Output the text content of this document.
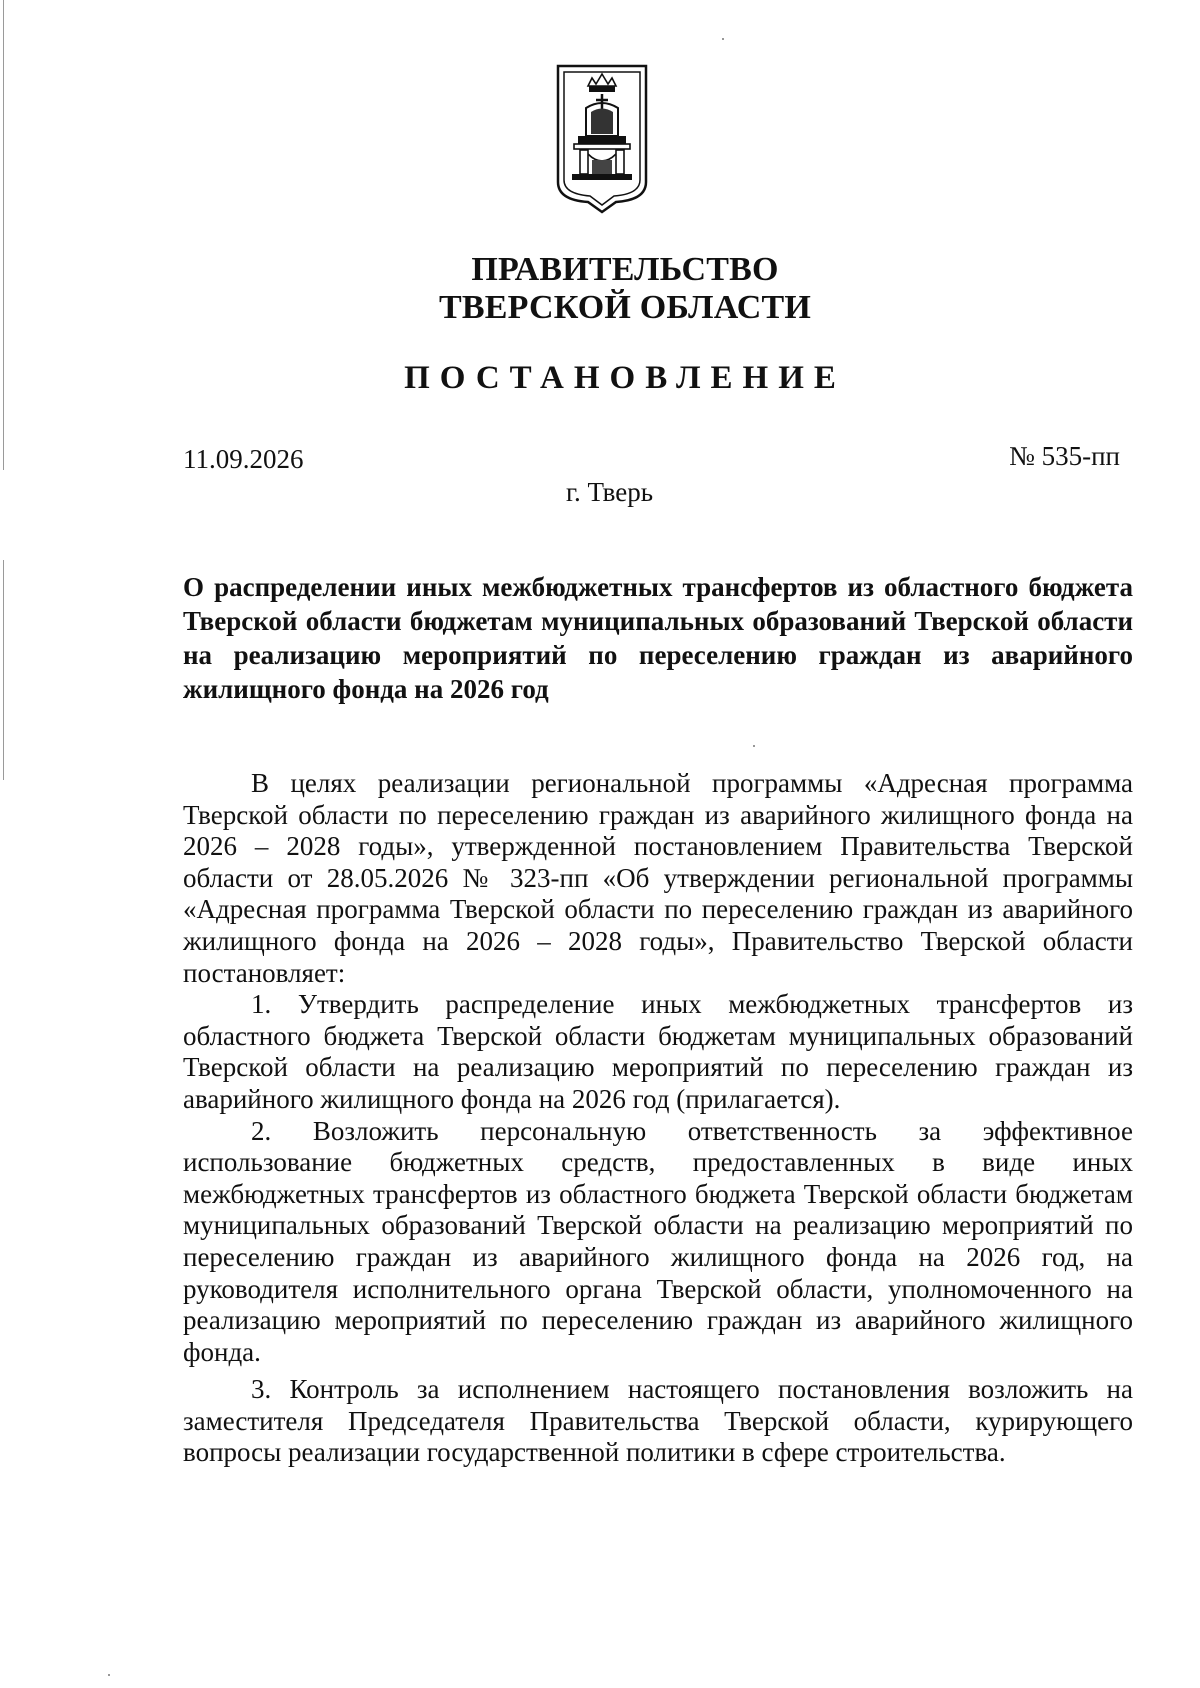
ПРАВИТЕЛЬСТВО
ТВЕРСКОЙ ОБЛАСТИ
ПОСТАНОВЛЕНИЕ
11.09.2026	№ 535-пп
г. Тверь
О распределении иных межбюджетных трансфертов из областного бюджета Тверской области бюджетам муниципальных образований Тверской области на реализацию мероприятий по переселению граждан из аварийного жилищного фонда на 2026 год

В целях реализации региональной программы «Адресная программа Тверской области по переселению граждан из аварийного жилищного фонда на 2026 – 2028 годы», утвержденной постановлением Правительства Тверской области от 28.05.2026 № 323-пп «Об утверждении региональной программы «Адресная программа Тверской области по переселению граждан из аварийного жилищного фонда на 2026 – 2028 годы», Правительство Тверской области постановляет:

1. Утвердить распределение иных межбюджетных трансфертов из областного бюджета Тверской области бюджетам муниципальных образований Тверской области на реализацию мероприятий по переселению граждан из аварийного жилищного фонда на 2026 год (прилагается).

2. Возложить персональную ответственность за эффективное использование бюджетных средств, предоставленных в виде иных межбюджетных трансфертов из областного бюджета Тверской области бюджетам муниципальных образований Тверской области на реализацию мероприятий по переселению граждан из аварийного жилищного фонда на 2026 год, на руководителя исполнительного органа Тверской области, уполномоченного на реализацию мероприятий по переселению граждан из аварийного жилищного фонда.

3. Контроль за исполнением настоящего постановления возложить на заместителя Председателя Правительства Тверской области, курирующего вопросы реализации государственной политики в сфере строительства.
